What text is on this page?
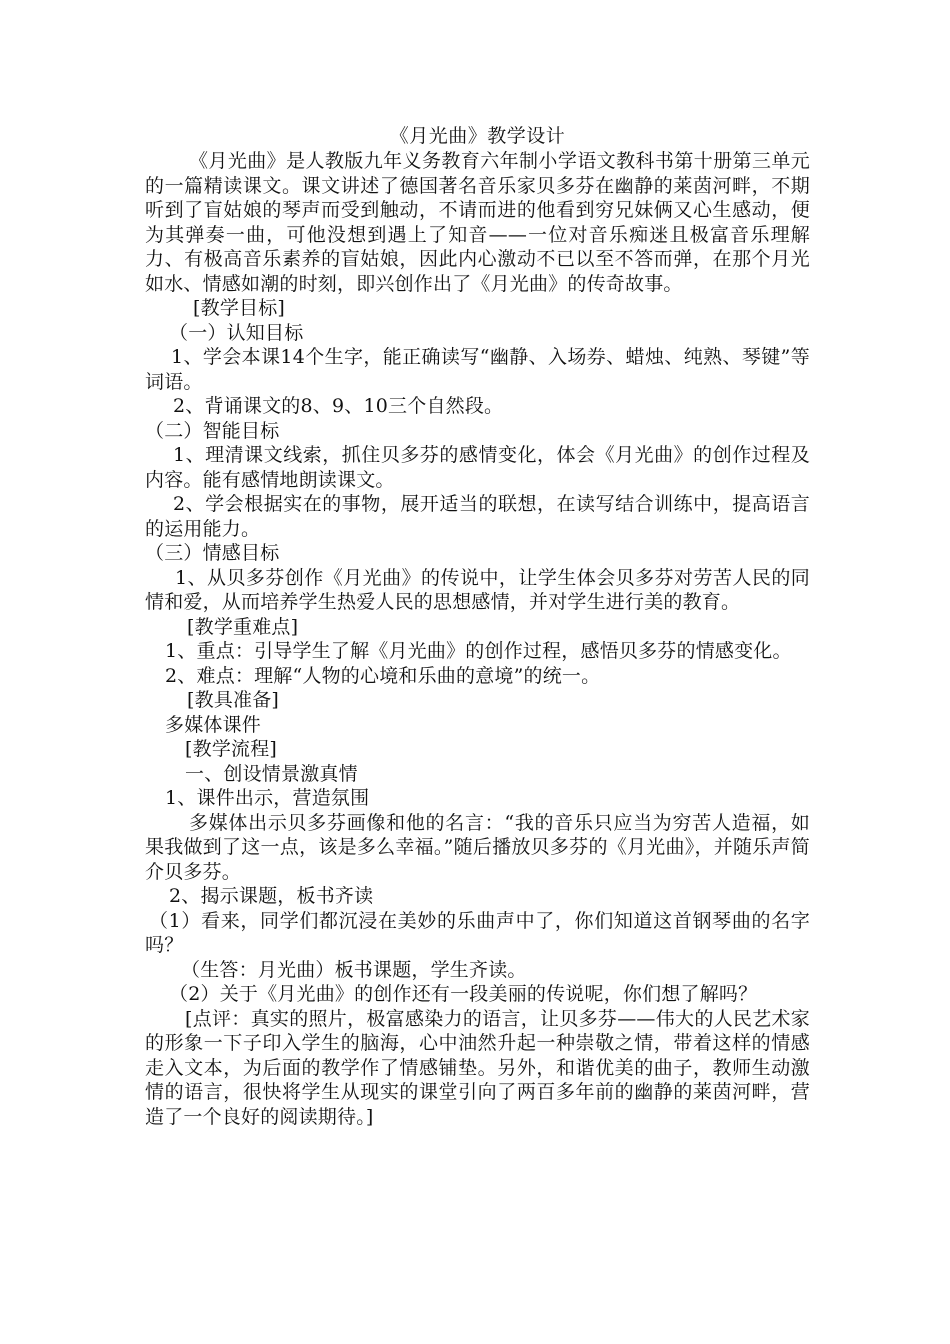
《月光曲》教学设计

《月光曲》是人教版九年义务教育六年制小学语文教科书第十册第三单元的一篇精读课文。课文讲述了德国著名音乐家贝多芬在幽静的莱茵河畔，不期听到了盲姑娘的琴声而受到触动，不请而进的他看到穷兄妹俩又心生感动，便为其弹奏一曲，可他没想到遇上了知音——一位对音乐痴迷且极富音乐理解力、有极高音乐素养的盲姑娘，因此内心激动不已以至不答而弹，在那个月光如水、情感如潮的时刻，即兴创作出了《月光曲》的传奇故事。

[教学目标]

（一）认知目标

1、学会本课14个生字，能正确读写“幽静、入场券、蜡烛、纯熟、琴键”等词语。

2、背诵课文的8、9、10三个自然段。

（二）智能目标

1、理清课文线索，抓住贝多芬的感情变化，体会《月光曲》的创作过程及内容。能有感情地朗读课文。

2、学会根据实在的事物，展开适当的联想，在读写结合训练中，提高语言的运用能力。

（三）情感目标

1、从贝多芬创作《月光曲》的传说中，让学生体会贝多芬对劳苦人民的同情和爱，从而培养学生热爱人民的思想感情，并对学生进行美的教育。

[教学重难点]

1、重点：引导学生了解《月光曲》的创作过程，感悟贝多芬的情感变化。

2、难点：理解“人物的心境和乐曲的意境”的统一。

[教具准备]

多媒体课件

[教学流程]

一、创设情景激真情

1、课件出示，营造氛围

多媒体出示贝多芬画像和他的名言：“我的音乐只应当为穷苦人造福，如果我做到了这一点，该是多么幸福。”随后播放贝多芬的《月光曲》，并随乐声简介贝多芬。

2、揭示课题，板书齐读

（1）看来，同学们都沉浸在美妙的乐曲声中了，你们知道这首钢琴曲的名字吗？

（生答：月光曲）板书课题，学生齐读。

（2）关于《月光曲》的创作还有一段美丽的传说呢，你们想了解吗？

[点评：真实的照片，极富感染力的语言，让贝多芬——伟大的人民艺术家的形象一下子印入学生的脑海，心中油然升起一种崇敬之情，带着这样的情感走入文本，为后面的教学作了情感铺垫。另外，和谐优美的曲子，教师生动激情的语言，很快将学生从现实的课堂引向了两百多年前的幽静的莱茵河畔，营造了一个良好的阅读期待。]
